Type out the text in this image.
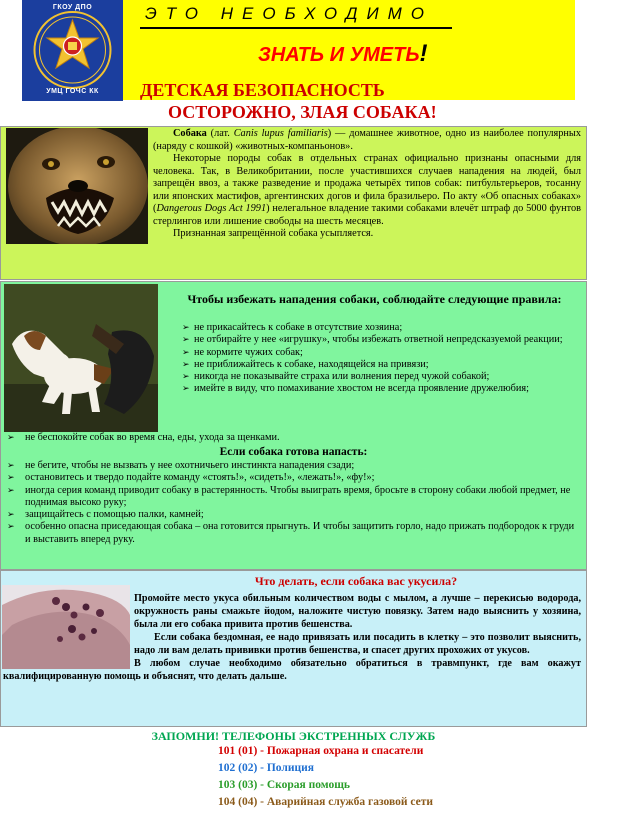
ГКОУ ДПО
УМЦ ГОЧС КК
ЭТО НЕОБХОДИМО
ЗНАТЬ И УМЕТЬ!
ДЕТСКАЯ БЕЗОПАСНОСТЬ
ОСТОРОЖНО, ЗЛАЯ СОБАКА!

Собака (лат. Canis lupus familiaris) — домашнее животное, одно из наиболее популярных (наряду с кошкой) «животных-компаньонов».

Некоторые породы собак в отдельных странах официально признаны опасными для человека. Так, в Великобритании, после участившихся случаев нападения на людей, был запрещён ввоз, а также разведение и продажа четырёх типов собак: питбультерьеров, тосанну или японских мастифов, аргентинских догов и фила бразильеро. По акту «Об опасных собаках» (Dangerous Dogs Act 1991) нелегальное владение такими собаками влечёт штраф до 5000 фунтов стерлингов или лишение свободы на шесть месяцев.

Признанная запрещённой собака усыпляется.

Чтобы избежать нападения собаки, соблюдайте следующие правила:
➢ не прикасайтесь к собаке в отсутствие хозяина;
➢ не отбирайте у нее «игрушку», чтобы избежать ответной непредсказуемой реакции;
➢ не кормите чужих собак;
➢ не приближайтесь к собаке, находящейся на привязи;
➢ никогда не показывайте страха или волнения перед чужой собакой;
➢ имейте в виду, что помахивание хвостом не всегда проявление дружелюбия;
➢ не беспокойте собак во время сна, еды, ухода за щенками.
Если собака готова напасть:
➢ не бегите, чтобы не вызвать у нее охотничьего инстинкта нападения сзади;
➢ остановитесь и твердо подайте команду «стоять!», «сидеть!», «лежать!», «фу!»;
➢ иногда серия команд приводит собаку в растерянность. Чтобы выиграть время, бросьте в сторону собаки любой предмет, не поднимая высоко руку;
➢ защищайтесь с помощью палки, камней;
➢ особенно опасна приседающая собака – она готовится прыгнуть. И чтобы защитить горло, надо прижать подбородок к груди и выставить вперед руку.
Что делать, если собака вас укусила?

Промойте место укуса обильным количеством воды с мылом, а лучше – перекисью водорода, окружность раны смажьте йодом, наложите чистую повязку. Затем надо выяснить у хозяина, была ли его собака привита против бешенства.

Если собака бездомная, ее надо привязать или посадить в клетку – это позволит выяснить, надо ли вам делать прививки против бешенства, и спасет других прохожих от укусов.

В любом случае необходимо обязательно обратиться в травмпункт, где вам окажут квалифицированную помощь и объяснят, что делать дальше.

ЗАПОМНИ! ТЕЛЕФОНЫ ЭКСТРЕННЫХ СЛУЖБ
101 (01) - Пожарная охрана и спасатели
102 (02) - Полиция
103 (03) - Скорая помощь
104 (04) - Аварийная служба газовой сети
